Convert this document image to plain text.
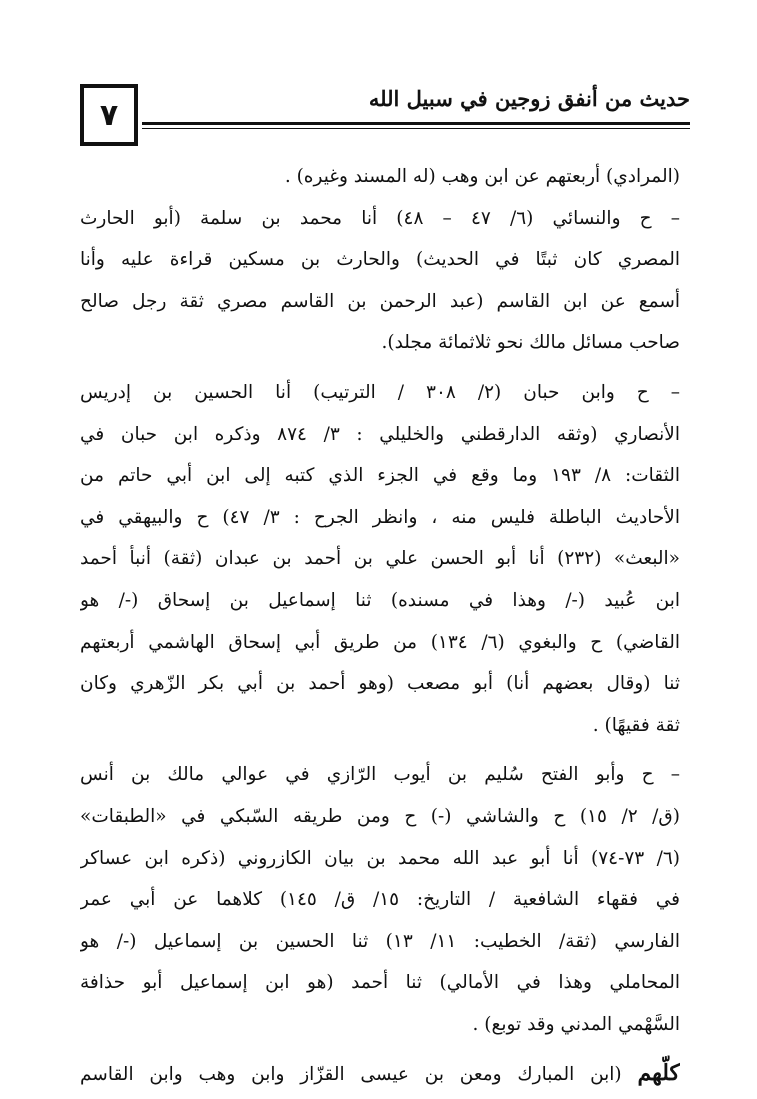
٧	حديث من أنفق زوجين في سبيل الله

(المرادي) أربعتهم عن ابن وهب (له المسند وغيره) .

– ح والنسائي (٦/ ٤٧ – ٤٨) أنا محمد بن سلمة (أبو الحارث
المصري كان ثبتًا في الحديث) والحارث بن مسكين قراءة عليه وأنا
أسمع عن ابن القاسم (عبد الرحمن بن القاسم مصري ثقة رجل صالح
صاحب مسائل مالك نحو ثلاثمائة مجلد).

– ح وابن حبان (٢/ ٣٠٨ / الترتيب) أنا الحسين بن إدريس
الأنصاري (وثقه الدارقطني والخليلي : ٣/ ٨٧٤ وذكره ابن حبان في
الثقات: ٨/ ١٩٣ وما وقع في الجزء الذي كتبه إلى ابن أبي حاتم من
الأحاديث الباطلة فليس منه ، وانظر الجرح : ٣/ ٤٧) ح والبيهقي في
«البعث» (٢٣٢) أنا أبو الحسن علي بن أحمد بن عبدان (ثقة) أنبأ أحمد
ابن عُبيد (-/ وهذا في مسنده) ثنا إسماعيل بن إسحاق (-/ هو
القاضي) ح والبغوي (٦/ ١٣٤) من طريق أبي إسحاق الهاشمي أربعتهم
ثنا (وقال بعضهم أنا) أبو مصعب (وهو أحمد بن أبي بكر الزّهري وكان
ثقة فقيهًا) .

– ح وأبو الفتح سُليم بن أيوب الرّازي في عوالي مالك بن أنس
(ق/ ٢/ ١٥) ح والشاشي (-) ح ومن طريقه السّبكي في «الطبقات»
(٦/ ٧٣-٧٤) أنا أبو عبد الله محمد بن بيان الكازروني (ذكره ابن عساكر
في فقهاء الشافعية / التاريخ: ١٥/ ق/ ١٤٥) كلاهما عن أبي عمر
الفارسي (ثقة/ الخطيب: ١١/ ١٣) ثنا الحسين بن إسماعيل (-/ هو
المحاملي وهذا في الأمالي) ثنا أحمد (هو ابن إسماعيل أبو حذافة
السَّهْمي المدني وقد توبع) .

كلّهم (ابن المبارك ومعن بن عيسى القزّاز وابن وهب وابن القاسم
